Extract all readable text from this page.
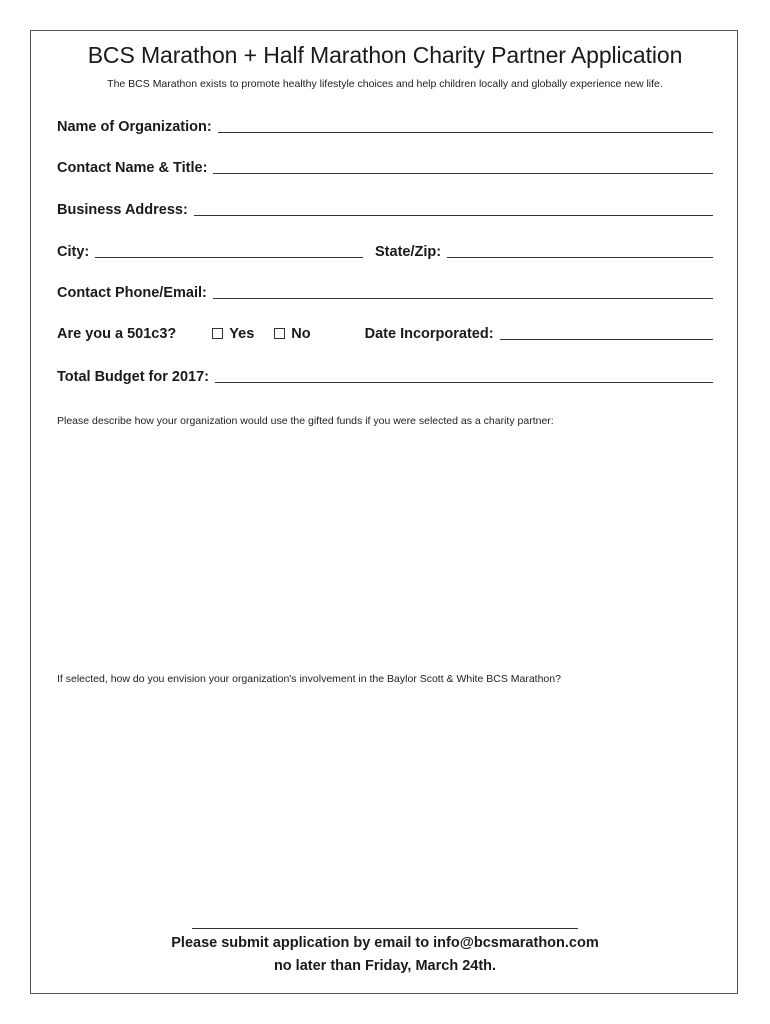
BCS Marathon + Half Marathon Charity Partner Application
The BCS Marathon exists to promote healthy lifestyle choices and help children locally and globally experience new life.
Name of Organization:
Contact Name & Title:
Business Address:
City:	State/Zip:
Contact Phone/Email:
Are you a 501c3?	Yes	No	Date Incorporated:
Total Budget for 2017:
Please describe how your organization would use the gifted funds if you were selected as a charity partner:
If selected, how do you envision your organization's involvement in the Baylor Scott & White BCS Marathon?
Please submit application by email to info@bcsmarathon.com
no later than Friday, March 24th.
